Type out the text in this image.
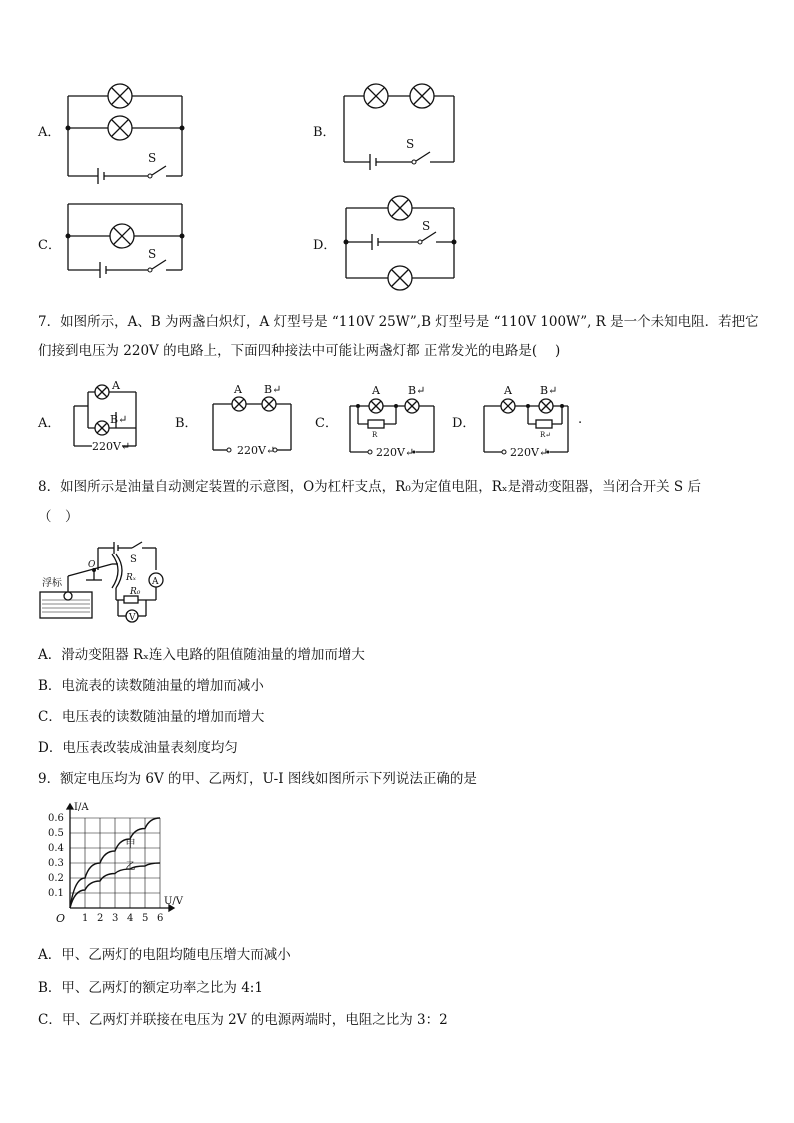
A．
S
B．
S
C．
S
D．
S
7．如图所示，A、B 为两盏白炽灯，A 灯型号是 “110V 25W”,B 灯型号是 “110V 100W”, R 是一个未知电阻．若把它
们接到电压为 220V 的电路上，下面四种接法中可能让两盏灯都 正常发光的电路是(　 )
A．
A
B↵
220V↵
B．
A B↵
220V↵
C．
A	B↵
R
220V↵
D．
A	B↵
R↵
220V↵
.
8．如图所示是油量自动测定装置的示意图，O为杠杆支点，R₀为定值电阻，Rₓ是滑动变阻器，当闭合开关 S 后
（　）
浮标
O	S
Rₓ
R₀
A
V
A．滑动变阻器 Rₓ连入电路的阻值随油量的增加而增大
B．电流表的读数随油量的增加而减小
C．电压表的读数随油量的增加而增大
D．电压表改装成油量表刻度均匀
9．额定电压均为 6V 的甲、乙两灯，U-I 图线如图所示下列说法正确的是
1 2 3 4 5 6
0.1
0.2
0.3
0.4
0.5
0.6
O
U/V
I/A
甲
乙
A．甲、乙两灯的电阻均随电压增大而减小
B．甲、乙两灯的额定功率之比为 4:1
C．甲、乙两灯并联接在电压为 2V 的电源两端时，电阻之比为 3：2
